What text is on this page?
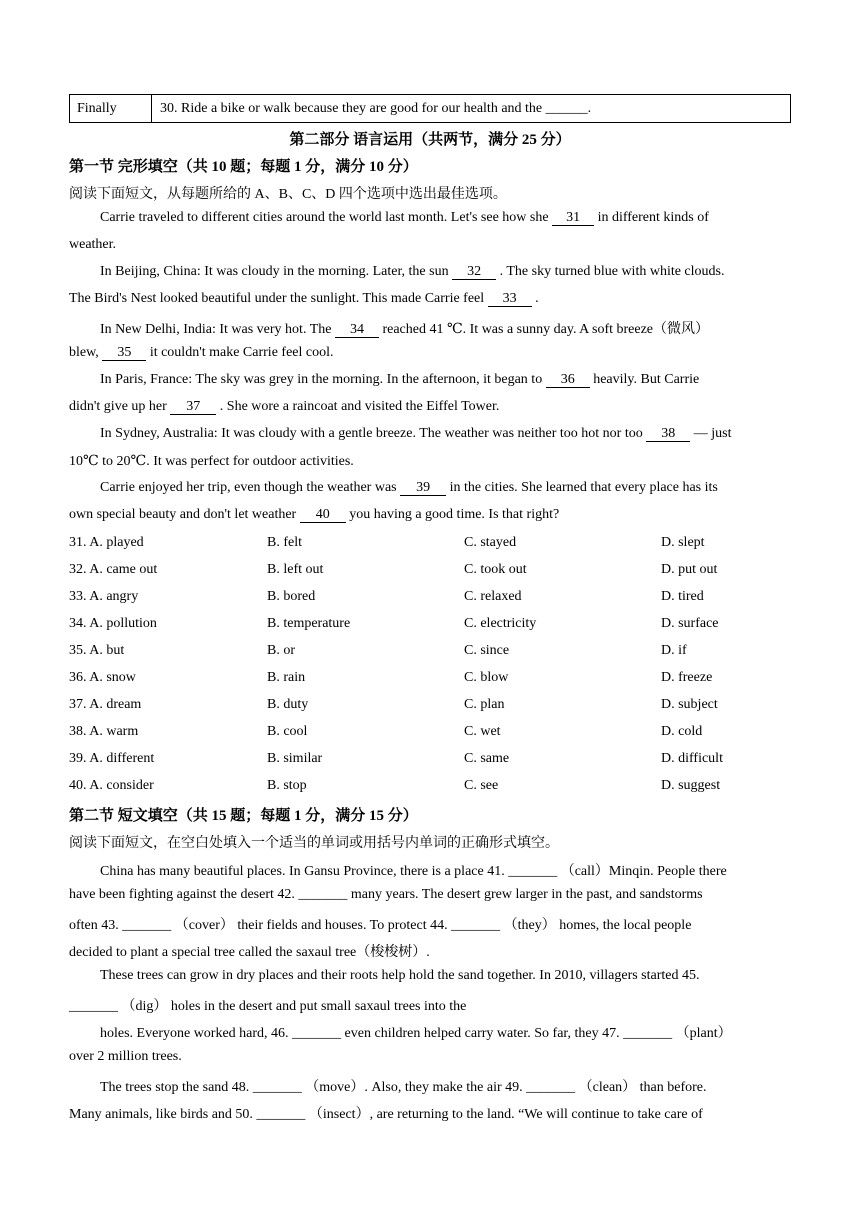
Finally	30. Ride a bike or walk because they are good for our health and the ______.
第二部分 语言运用（共两节，满分 25 分）
第一节 完形填空（共 10 题；每题 1 分，满分 10 分）
阅读下面短文，从每题所给的 A、B、C、D 四个选项中选出最佳选项。
Carrie traveled to different cities around the world last month. Let's see how she 31 in different kinds of
weather.
In Beijing, China: It was cloudy in the morning. Later, the sun 32 . The sky turned blue with white clouds.
The Bird's Nest looked beautiful under the sunlight. This made Carrie feel 33 .
In New Delhi, India: It was very hot. The 34 reached 41 ℃. It was a sunny day. A soft breeze（微风）
blew, 35 it couldn't make Carrie feel cool.
In Paris, France: The sky was grey in the morning. In the afternoon, it began to 36 heavily. But Carrie
didn't give up her 37 . She wore a raincoat and visited the Eiffel Tower.
In Sydney, Australia: It was cloudy with a gentle breeze. The weather was neither too hot nor too 38 — just
10℃ to 20℃. It was perfect for outdoor activities.
Carrie enjoyed her trip, even though the weather was 39 in the cities. She learned that every place has its
own special beauty and don't let weather 40 you having a good time. Is that right?
31. A. played	B. felt	C. stayed	D. slept
32. A. came out	B. left out	C. took out	D. put out
33. A. angry	B. bored	C. relaxed	D. tired
34. A. pollution	B. temperature	C. electricity	D. surface
35. A. but	B. or	C. since	D. if
36. A. snow	B. rain	C. blow	D. freeze
37. A. dream	B. duty	C. plan	D. subject
38. A. warm	B. cool	C. wet	D. cold
39. A. different	B. similar	C. same	D. difficult
40. A. consider	B. stop	C. see	D. suggest
第二节 短文填空（共 15 题；每题 1 分，满分 15 分）
阅读下面短文，在空白处填入一个适当的单词或用括号内单词的正确形式填空。
China has many beautiful places. In Gansu Province, there is a place 41. _______ （call）Minqin. People there
have been fighting against the desert 42. _______ many years. The desert grew larger in the past, and sandstorms
often 43. _______ （cover） their fields and houses. To protect 44. _______ （they） homes, the local people
decided to plant a special tree called the saxaul tree（梭梭树）.
These trees can grow in dry places and their roots help hold the sand together. In 2010, villagers started 45.
_______ （dig） holes in the desert and put small saxaul trees into the
holes. Everyone worked hard, 46. _______ even children helped carry water. So far, they 47. _______ （plant）
over 2 million trees.
The trees stop the sand 48. _______ （move）. Also, they make the air 49. _______ （clean） than before.
Many animals, like birds and 50. _______ （insect）, are returning to the land. “We will continue to take care of
